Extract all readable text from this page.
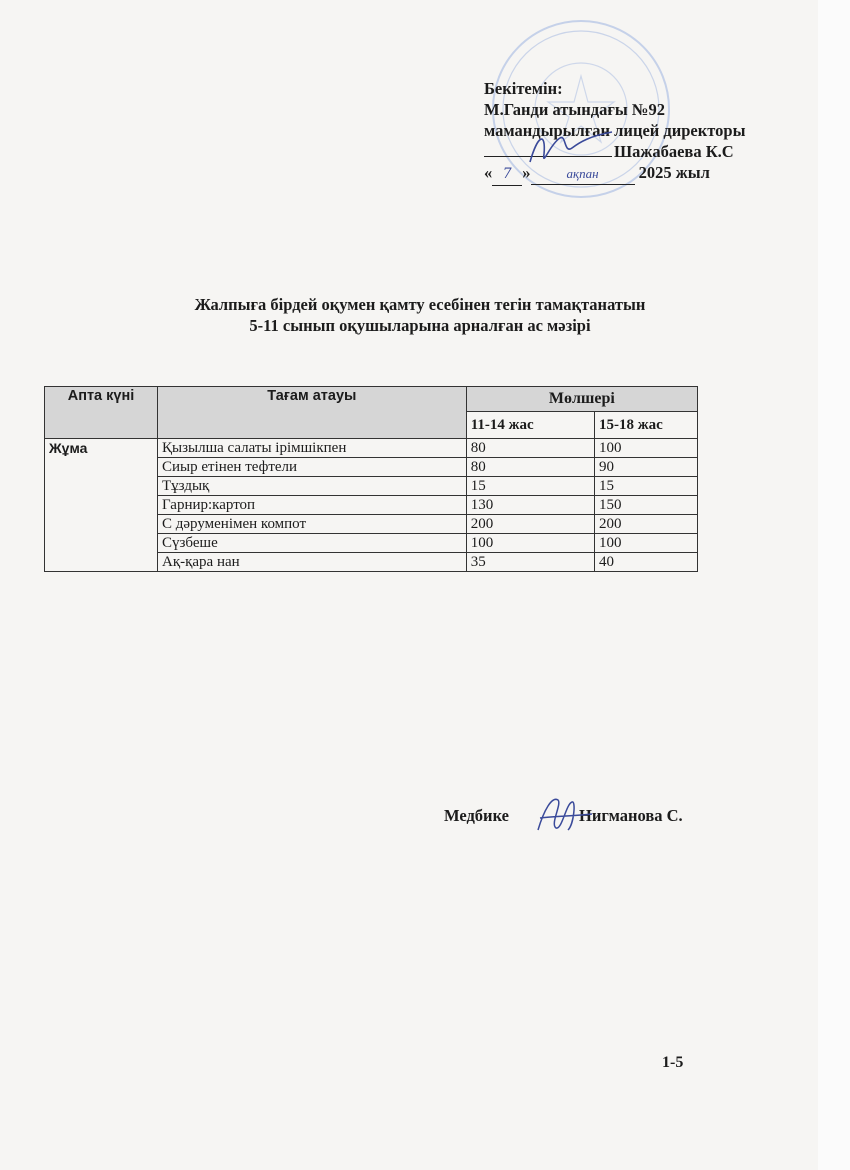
Бекітемін:
М.Ганди атындағы №92
мамандырылған лицей директоры
Шажабаева К.С
« 7 »	ақпан 2025 жыл
Жалпыға бірдей оқумен қамту есебінен тегін тамақтанатын
5-11 сынып оқушыларына арналған ас мәзірі
Апта күні	Тағам атауы	Мөлшері	
		11-14 жас	15-18 жас
Жұма	Қызылша салаты ірімшікпен	80	100
	Сиыр етінен тефтели	80	90
	Тұздық	15	15
	Гарнир:картоп	130	150
	С дәруменімен компот	200	200
	Сүзбеше	100	100
	Ақ-қара нан	35	40
Медбике	Нигманова С.
1-5
